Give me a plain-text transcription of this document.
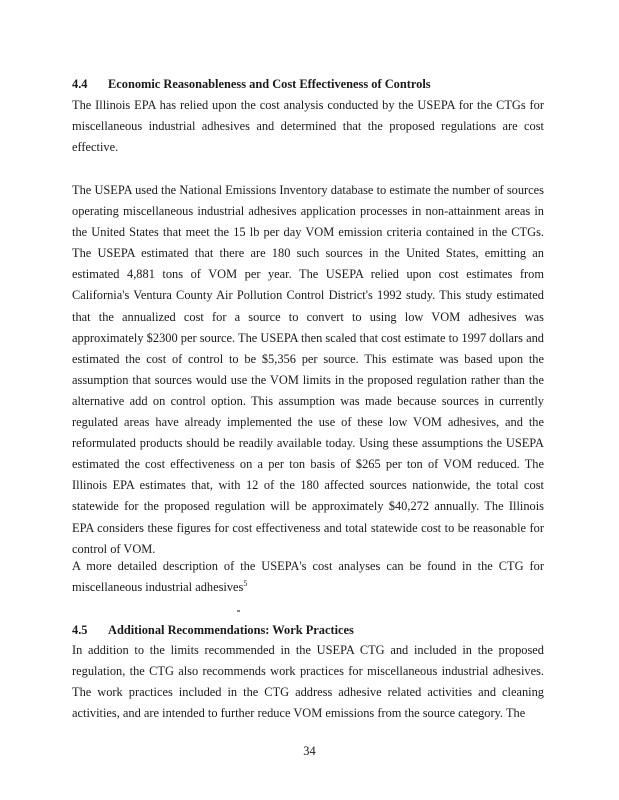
4.4 Economic Reasonableness and Cost Effectiveness of Controls

The Illinois EPA has relied upon the cost analysis conducted by the USEPA for the CTGs for miscellaneous industrial adhesives and determined that the proposed regulations are cost effective.

The USEPA used the National Emissions Inventory database to estimate the number of sources operating miscellaneous industrial adhesives application processes in non-attainment areas in the United States that meet the 15 lb per day VOM emission criteria contained in the CTGs. The USEPA estimated that there are 180 such sources in the United States, emitting an estimated 4,881 tons of VOM per year. The USEPA relied upon cost estimates from California's Ventura County Air Pollution Control District's 1992 study. This study estimated that the annualized cost for a source to convert to using low VOM adhesives was approximately $2300 per source. The USEPA then scaled that cost estimate to 1997 dollars and estimated the cost of control to be $5,356 per source. This estimate was based upon the assumption that sources would use the VOM limits in the proposed regulation rather than the alternative add on control option. This assumption was made because sources in currently regulated areas have already implemented the use of these low VOM adhesives, and the reformulated products should be readily available today. Using these assumptions the USEPA estimated the cost effectiveness on a per ton basis of $265 per ton of VOM reduced. The Illinois EPA estimates that, with 12 of the 180 affected sources nationwide, the total cost statewide for the proposed regulation will be approximately $40,272 annually. The Illinois EPA considers these figures for cost effectiveness and total statewide cost to be reasonable for control of VOM.

A more detailed description of the USEPA's cost analyses can be found in the CTG for miscellaneous industrial adhesives$^5$

4.5 Additional Recommendations: Work Practices

In addition to the limits recommended in the USEPA CTG and included in the proposed regulation, the CTG also recommends work practices for miscellaneous industrial adhesives. The work practices included in the CTG address adhesive related activities and cleaning activities, and are intended to further reduce VOM emissions from the source category. The

34
